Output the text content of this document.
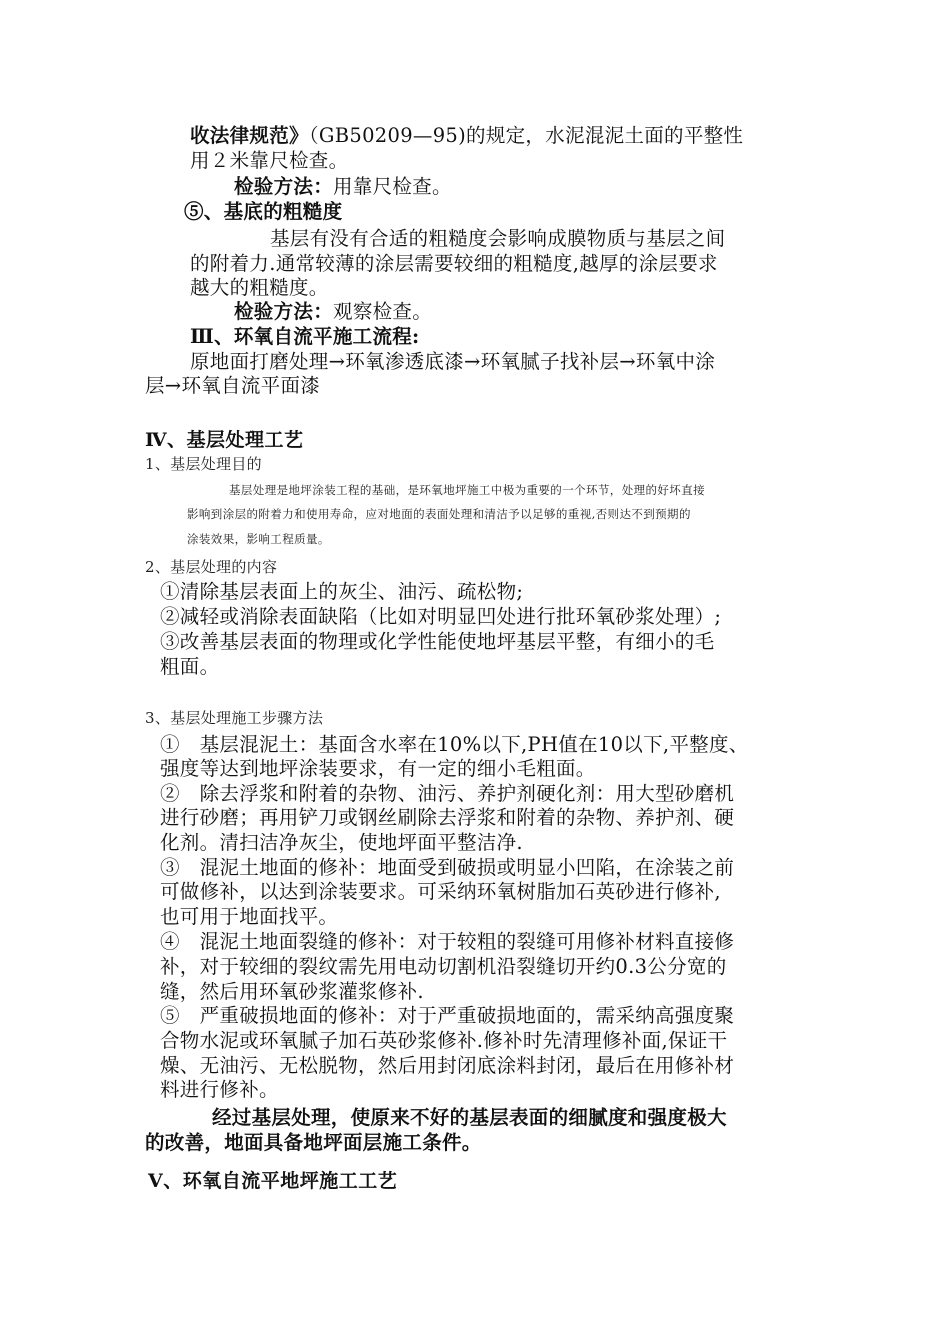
收法律规范》（GB50209—95)的规定，水泥混泥土面的平整性
用２米靠尺检查。
检验方法：用靠尺检查。
⑤、基底的粗糙度
基层有没有合适的粗糙度会影响成膜物质与基层之间
的附着力.通常较薄的涂层需要较细的粗糙度,越厚的涂层要求
越大的粗糙度。
检验方法：观察检查。
Ⅲ、环氧自流平施工流程:
原地面打磨处理→环氧渗透底漆→环氧腻子找补层→环氧中涂
层→环氧自流平面漆
Ⅳ、基层处理工艺
1、基层处理目的
基层处理是地坪涂装工程的基础，是环氧地坪施工中极为重要的一个环节，处理的好坏直接
影响到涂层的附着力和使用寿命，应对地面的表面处理和清洁予以足够的重视,否则达不到预期的
涂装效果，影响工程质量。
2、基层处理的内容
①清除基层表面上的灰尘、油污、疏松物;
②减轻或消除表面缺陷（比如对明显凹处进行批环氧砂浆处理）;
③改善基层表面的物理或化学性能使地坪基层平整，有细小的毛
粗面。
3、基层处理施工步骤方法
①　基层混泥土：基面含水率在10%以下,PH值在10以下,平整度、
强度等达到地坪涂装要求，有一定的细小毛粗面。
②　除去浮浆和附着的杂物、油污、养护剂硬化剂：用大型砂磨机
进行砂磨；再用铲刀或钢丝刷除去浮浆和附着的杂物、养护剂、硬
化剂。清扫洁净灰尘，使地坪面平整洁净.
③　混泥土地面的修补：地面受到破损或明显小凹陷，在涂装之前
可做修补，以达到涂装要求。可采纳环氧树脂加石英砂进行修补,
也可用于地面找平。
④　混泥土地面裂缝的修补：对于较粗的裂缝可用修补材料直接修
补，对于较细的裂纹需先用电动切割机沿裂缝切开约0.3公分宽的
缝，然后用环氧砂浆灌浆修补.
⑤　严重破损地面的修补：对于严重破损地面的，需采纳高强度聚
合物水泥或环氧腻子加石英砂浆修补.修补时先清理修补面,保证干
燥、无油污、无松脱物，然后用封闭底涂料封闭，最后在用修补材
料进行修补。
经过基层处理，使原来不好的基层表面的细腻度和强度极大
的改善，地面具备地坪面层施工条件。
Ⅴ、环氧自流平地坪施工工艺
